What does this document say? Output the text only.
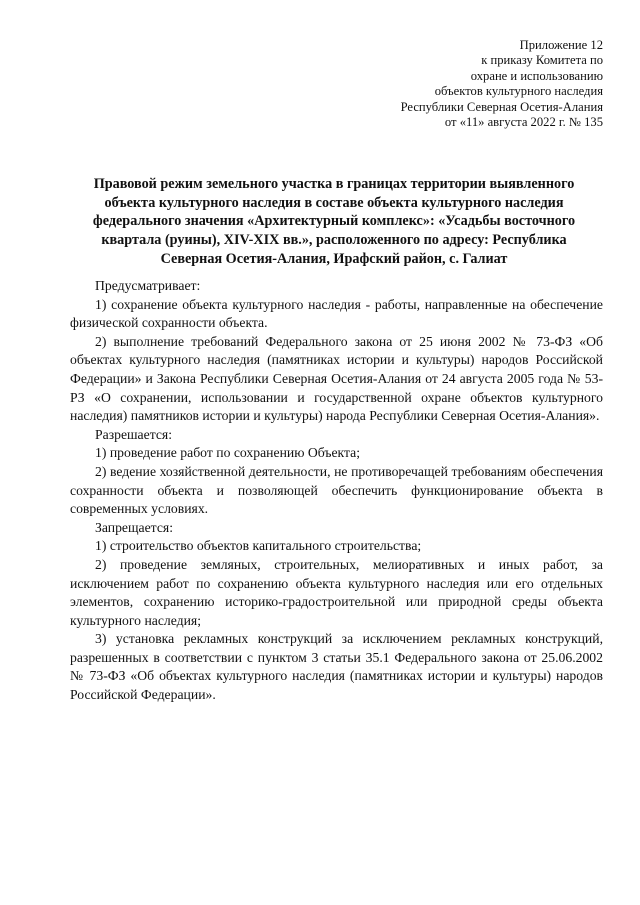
Приложение 12
к приказу Комитета по
охране и использованию
объектов культурного наследия
Республики Северная Осетия-Алания
от «11» августа 2022 г. № 135
Правовой режим земельного участка в границах территории выявленного
объекта культурного наследия в составе объекта культурного наследия
федерального значения «Архитектурный комплекс»: «Усадьбы восточного
квартала (руины), XIV-XIX вв.», расположенного по адресу: Республика
Северная Осетия-Алания, Ирафский район, с. Галиат

Предусматривает:

1) сохранение объекта культурного наследия - работы, направленные на обеспечение физической сохранности объекта.

2) выполнение требований Федерального закона от 25 июня 2002 № 73-ФЗ «Об объектах культурного наследия (памятниках истории и культуры) народов Российской Федерации» и Закона Республики Северная Осетия-Алания от 24 августа 2005 года № 53-РЗ «О сохранении, использовании и государственной охране объектов культурного наследия) памятников истории и культуры) народа Республики Северная Осетия-Алания».

Разрешается:

1) проведение работ по сохранению Объекта;

2) ведение хозяйственной деятельности, не противоречащей требованиям обеспечения сохранности объекта и позволяющей обеспечить функционирование объекта в современных условиях.

Запрещается:

1) строительство объектов капитального строительства;

2) проведение земляных, строительных, мелиоративных и иных работ, за исключением работ по сохранению объекта культурного наследия или его отдельных элементов, сохранению историко-градостроительной или природной среды объекта культурного наследия;

3) установка рекламных конструкций за исключением рекламных конструкций, разрешенных в соответствии с пунктом 3 статьи 35.1 Федерального закона от 25.06.2002 № 73-ФЗ «Об объектах культурного наследия (памятниках истории и культуры) народов Российской Федерации».
